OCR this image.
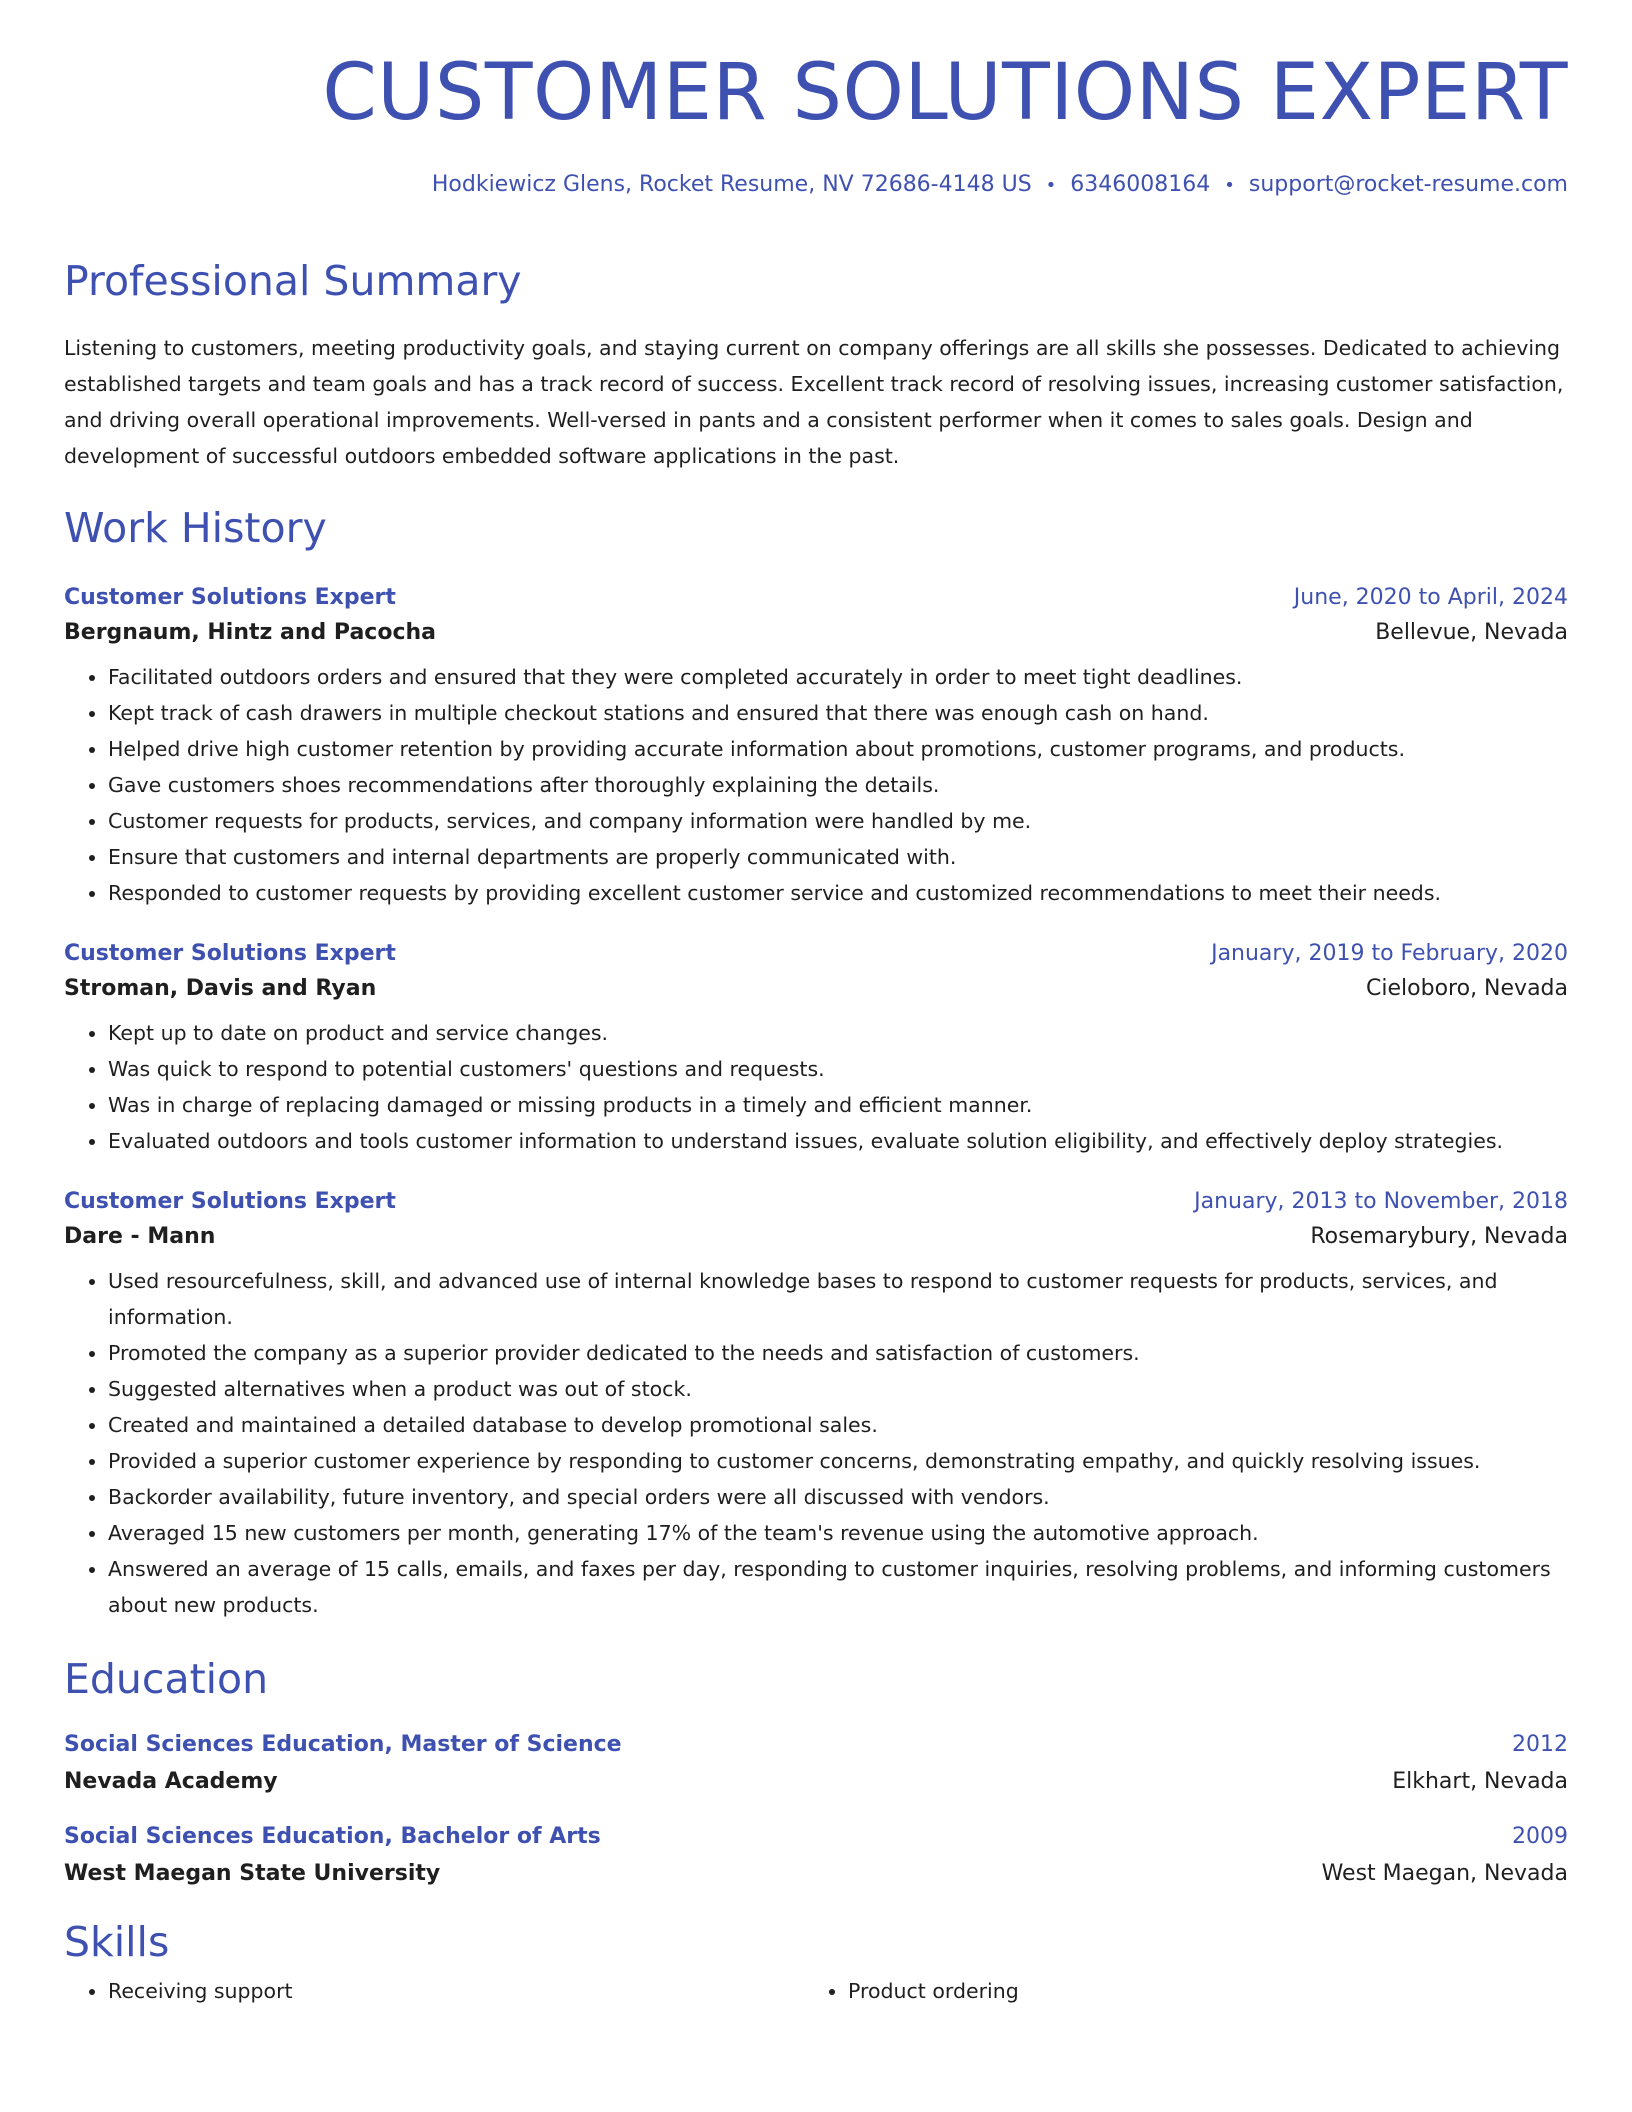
CUSTOMER SOLUTIONS EXPERT
Hodkiewicz Glens, Rocket Resume, NV 72686-4148 US • 6346008164 • support@rocket-resume.com
Professional Summary
Listening to customers, meeting productivity goals, and staying current on company offerings are all skills she possesses. Dedicated to achieving established targets and team goals and has a track record of success. Excellent track record of resolving issues, increasing customer satisfaction, and driving overall operational improvements. Well-versed in pants and a consistent performer when it comes to sales goals. Design and development of successful outdoors embedded software applications in the past.
Work History
Customer Solutions Expert	June, 2020 to April, 2024
Bergnaum, Hintz and Pacocha	Bellevue, Nevada
• Facilitated outdoors orders and ensured that they were completed accurately in order to meet tight deadlines.
• Kept track of cash drawers in multiple checkout stations and ensured that there was enough cash on hand.
• Helped drive high customer retention by providing accurate information about promotions, customer programs, and products.
• Gave customers shoes recommendations after thoroughly explaining the details.
• Customer requests for products, services, and company information were handled by me.
• Ensure that customers and internal departments are properly communicated with.
• Responded to customer requests by providing excellent customer service and customized recommendations to meet their needs.
Customer Solutions Expert	January, 2019 to February, 2020
Stroman, Davis and Ryan	Cieloboro, Nevada
• Kept up to date on product and service changes.
• Was quick to respond to potential customers' questions and requests.
• Was in charge of replacing damaged or missing products in a timely and efficient manner.
• Evaluated outdoors and tools customer information to understand issues, evaluate solution eligibility, and effectively deploy strategies.
Customer Solutions Expert	January, 2013 to November, 2018
Dare - Mann	Rosemarybury, Nevada
• Used resourcefulness, skill, and advanced use of internal knowledge bases to respond to customer requests for products, services, and information.
• Promoted the company as a superior provider dedicated to the needs and satisfaction of customers.
• Suggested alternatives when a product was out of stock.
• Created and maintained a detailed database to develop promotional sales.
• Provided a superior customer experience by responding to customer concerns, demonstrating empathy, and quickly resolving issues.
• Backorder availability, future inventory, and special orders were all discussed with vendors.
• Averaged 15 new customers per month, generating 17% of the team's revenue using the automotive approach.
• Answered an average of 15 calls, emails, and faxes per day, responding to customer inquiries, resolving problems, and informing customers about new products.
Education
Social Sciences Education, Master of Science	2012
Nevada Academy	Elkhart, Nevada
Social Sciences Education, Bachelor of Arts	2009
West Maegan State University	West Maegan, Nevada
Skills
• Receiving support
•	Product ordering
